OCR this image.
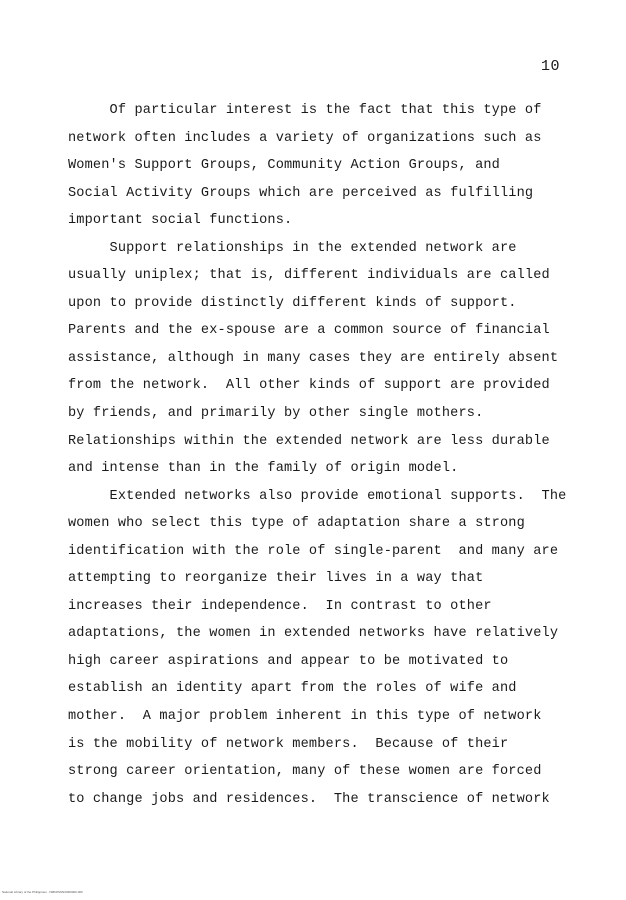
10
Of particular interest is the fact that this type of
network often includes a variety of organizations such as
Women's Support Groups, Community Action Groups, and
Social Activity Groups which are perceived as fulfilling
important social functions.
Support relationships in the extended network are
usually uniplex; that is, different individuals are called
upon to provide distinctly different kinds of support.
Parents and the ex-spouse are a common source of financial
assistance, although in many cases they are entirely absent
from the network.  All other kinds of support are provided
by friends, and primarily by other single mothers.
Relationships within the extended network are less durable
and intense than in the family of origin model.
Extended networks also provide emotional supports.  The
women who select this type of adaptation share a strong
identification with the role of single-parent  and many are
attempting to reorganize their lives in a way that
increases their independence.  In contrast to other
adaptations, the women in extended networks have relatively
high career aspirations and appear to be motivated to
establish an identity apart from the roles of wife and
mother.  A major problem inherent in this type of network
is the mobility of network members.  Because of their
strong career orientation, many of these women are forced
to change jobs and residences.  The transcience of network
National Library of the Philippines · ISBN/ISSN/0000000-000
